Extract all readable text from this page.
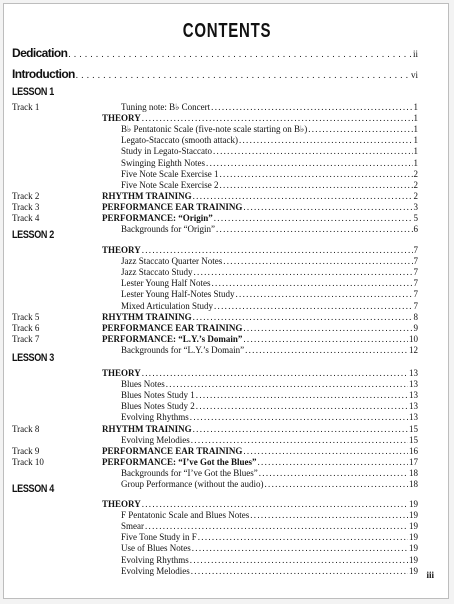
CONTENTS
Dedication . . .	ii
Introduction . . .	vi
LESSON 1
Track 1	Tuning note: B♭ Concert .....	1
THEORY .....	1
B♭ Pentatonic Scale (five-note scale starting on B♭) .....	1
Legato-Staccato (smooth attack) .....	1
Study in Legato-Staccato .....	1
Swinging Eighth Notes .....	1
Five Note Scale Exercise 1 .....	2
Five Note Scale Exercise 2 .....	2
Track 2	RHYTHM TRAINING .....	2
Track 3	PERFORMANCE EAR TRAINING .....	3
Track 4	PERFORMANCE: “Origin” .....	5
Backgrounds for “Origin” .....	6
LESSON 2
THEORY .....	7
Jazz Staccato Quarter Notes .....	7
Jazz Staccato Study .....	7
Lester Young Half Notes .....	7
Lester Young Half-Notes Study .....	7
Mixed Articulation Study .....	7
Track 5	RHYTHM TRAINING .....	8
Track 6	PERFORMANCE EAR TRAINING .....	9
Track 7	PERFORMANCE: “L.Y.’s Domain” .....	10
Backgrounds for “L.Y.’s Domain” .....	12
LESSON 3
THEORY .....	13
Blues Notes .....	13
Blues Notes Study 1 .....	13
Blues Notes Study 2 .....	13
Evolving Rhythms .....	13
Track 8	RHYTHM TRAINING .....	15
Evolving Melodies .....	15
Track 9	PERFORMANCE EAR TRAINING .....	16
Track 10	PERFORMANCE: “I’ve Got the Blues” .....	17
Backgrounds for “I’ve Got the Blues” .....	18
Group Performance (without the audio) .....	18
LESSON 4
THEORY .....	19
F Pentatonic Scale and Blues Notes .....	19
Smear .....	19
Five Tone Study in F .....	19
Use of Blues Notes .....	19
Evolving Rhythms .....	19
Evolving Melodies .....	19 iii
